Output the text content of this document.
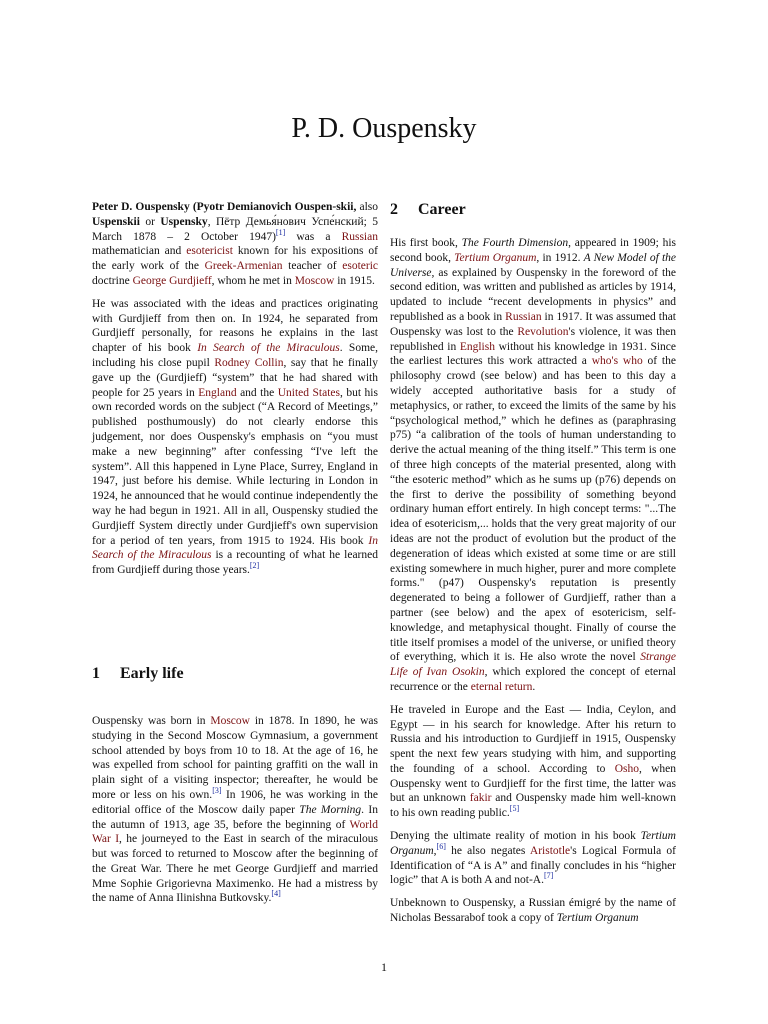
P. D. Ouspensky

Peter D. Ouspensky (Pyotr Demianovich Ouspen-skii, also Uspenskii or Uspensky, Пётр Демья́нович Успе́нский; 5 March 1878 – 2 October 1947)[1] was a Russian mathematician and esotericist known for his expositions of the early work of the Greek-Armenian teacher of esoteric doctrine George Gurdjieff, whom he met in Moscow in 1915.

He was associated with the ideas and practices originating with Gurdjieff from then on. In 1924, he separated from Gurdjieff personally, for reasons he explains in the last chapter of his book In Search of the Miraculous. Some, including his close pupil Rodney Collin, say that he finally gave up the (Gurdjieff) “system” that he had shared with people for 25 years in England and the United States, but his own recorded words on the subject (“A Record of Meetings,” published posthumously) do not clearly endorse this judgement, nor does Ouspensky's emphasis on “you must make a new beginning” after confessing “I've left the system”. All this happened in Lyne Place, Surrey, England in 1947, just before his demise. While lecturing in London in 1924, he announced that he would continue independently the way he had begun in 1921. All in all, Ouspensky studied the Gurdjieff System directly under Gurdjieff's own supervision for a period of ten years, from 1915 to 1924. His book In Search of the Miraculous is a recounting of what he learned from Gurdjieff during those years.[2]

1 Early life

Ouspensky was born in Moscow in 1878. In 1890, he was studying in the Second Moscow Gymnasium, a government school attended by boys from 10 to 18. At the age of 16, he was expelled from school for painting graffiti on the wall in plain sight of a visiting inspector; thereafter, he would be more or less on his own.[3] In 1906, he was working in the editorial office of the Moscow daily paper The Morning. In the autumn of 1913, age 35, before the beginning of World War I, he journeyed to the East in search of the miraculous but was forced to returned to Moscow after the beginning of the Great War. There he met George Gurdjieff and married Mme Sophie Grigorievna Maximenko. He had a mistress by the name of Anna Ilinishna Butkovsky.[4]

2 Career

His first book, The Fourth Dimension, appeared in 1909; his second book, Tertium Organum, in 1912. A New Model of the Universe, as explained by Ouspensky in the foreword of the second edition, was written and published as articles by 1914, updated to include “recent developments in physics” and republished as a book in Russian in 1917. It was assumed that Ouspensky was lost to the Revolution's violence, it was then republished in English without his knowledge in 1931. Since the earliest lectures this work attracted a who's who of the philosophy crowd (see below) and has been to this day a widely accepted authoritative basis for a study of metaphysics, or rather, to exceed the limits of the same by his “psychological method,” which he defines as (paraphrasing p75) “a calibration of the tools of human understanding to derive the actual meaning of the thing itself.” This term is one of three high concepts of the material presented, along with “the esoteric method” which as he sums up (p76) depends on the first to derive the possibility of something beyond ordinary human effort entirely. In high concept terms: "...The idea of esotericism,... holds that the very great majority of our ideas are not the product of evolution but the product of the degeneration of ideas which existed at some time or are still existing somewhere in much higher, purer and more complete forms." (p47) Ouspensky's reputation is presently degenerated to being a follower of Gurdjieff, rather than a partner (see below) and the apex of esotericism, self-knowledge, and metaphysical thought. Finally of course the title itself promises a model of the universe, or unified theory of everything, which it is. He also wrote the novel Strange Life of Ivan Osokin, which explored the concept of eternal recurrence or the eternal return.

He traveled in Europe and the East — India, Ceylon, and Egypt — in his search for knowledge. After his return to Russia and his introduction to Gurdjieff in 1915, Ouspensky spent the next few years studying with him, and supporting the founding of a school. According to Osho, when Ouspensky went to Gurdjieff for the first time, the latter was but an unknown fakir and Ouspensky made him well-known to his own reading public.[5]

Denying the ultimate reality of motion in his book Tertium Organum,[6] he also negates Aristotle's Logical Formula of Identification of “A is A” and finally concludes in his “higher logic” that A is both A and not-A.[7]

Unbeknown to Ouspensky, a Russian émigré by the name of Nicholas Bessarabof took a copy of Tertium Organum

1
